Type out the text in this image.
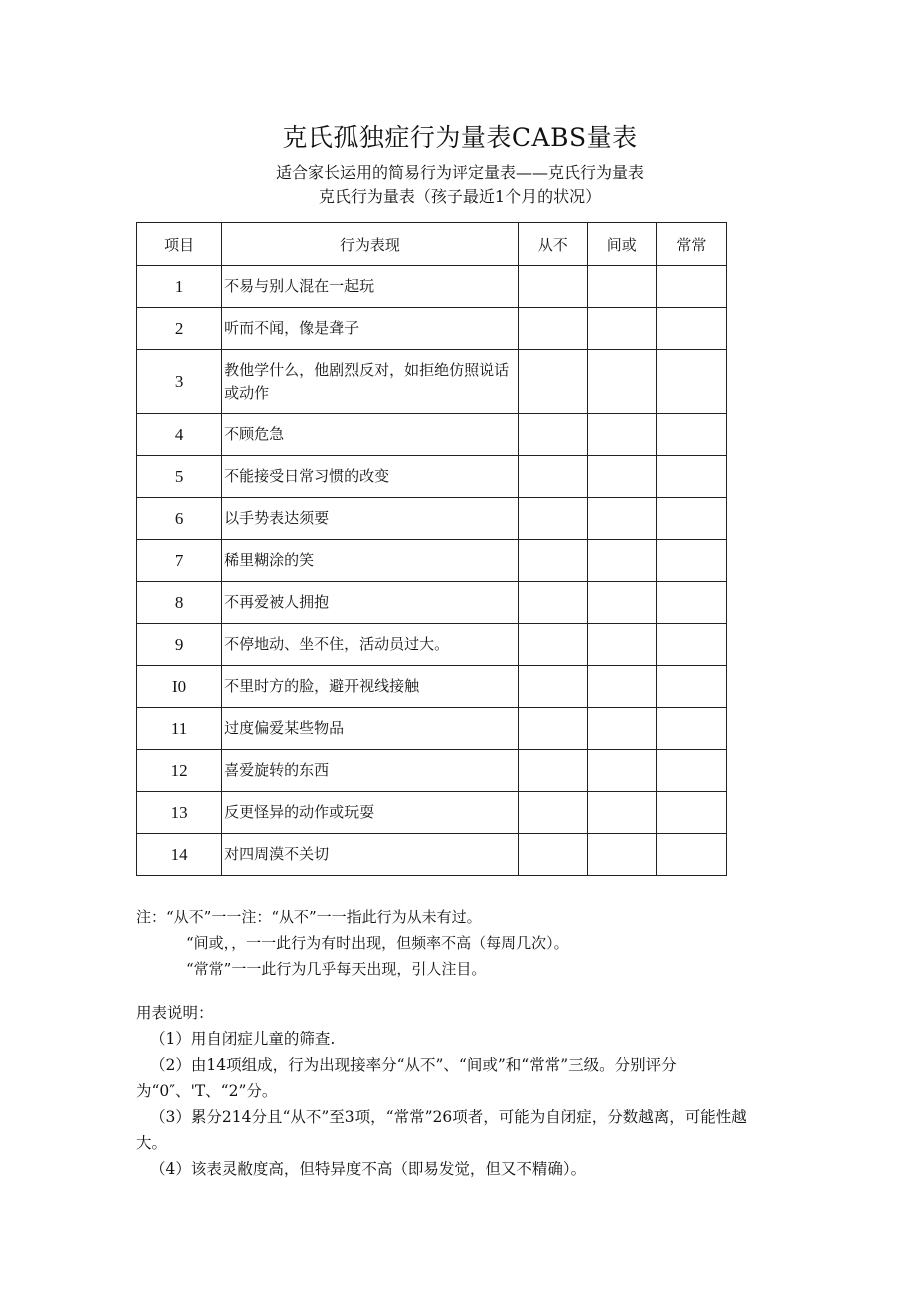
克氏孤独症行为量表CABS量表
适合家长运用的简易行为评定量表——克氏行为量表
克氏行为量表（孩子最近1个月的状况）
项目	行为表现	从不	间或	常常
1	不易与别人混在一起玩			
2	听而不闻，像是聋子			
3	教他学什么，他剧烈反对，如拒绝仿照说话或动作			
4	不顾危急			
5	不能接受日常习惯的改变			
6	以手势表达须要			
7	稀里糊涂的笑			
8	不再爱被人拥抱			
9	不停地动、坐不住，活动员过大。			
I0	不里时方的脸，避开视线接触			
11	过度偏爱某些物品			
12	喜爱旋转的东西			
13	反更怪异的动作或玩耍			
14	对四周漠不关切			
注：“从不”一一注：“从不”一一指此行为从未有过。
“间或，，一一此行为有时出现，但频率不高（每周几次）。
“常常”一一此行为几乎每天出现，引人注目。

用表说明：

（1）用自闭症儿童的筛查.

（2）由14项组成，行为出现接率分“从不”、“间或”和“常常”三级。分别评分为“0″、'T、“2”分。

（3）累分214分且“从不”至3项，“常常”26项者，可能为自闭症，分数越离，可能性越大。

（4）该表灵敝度高，但特异度不高（即易发觉，但又不精确）。
